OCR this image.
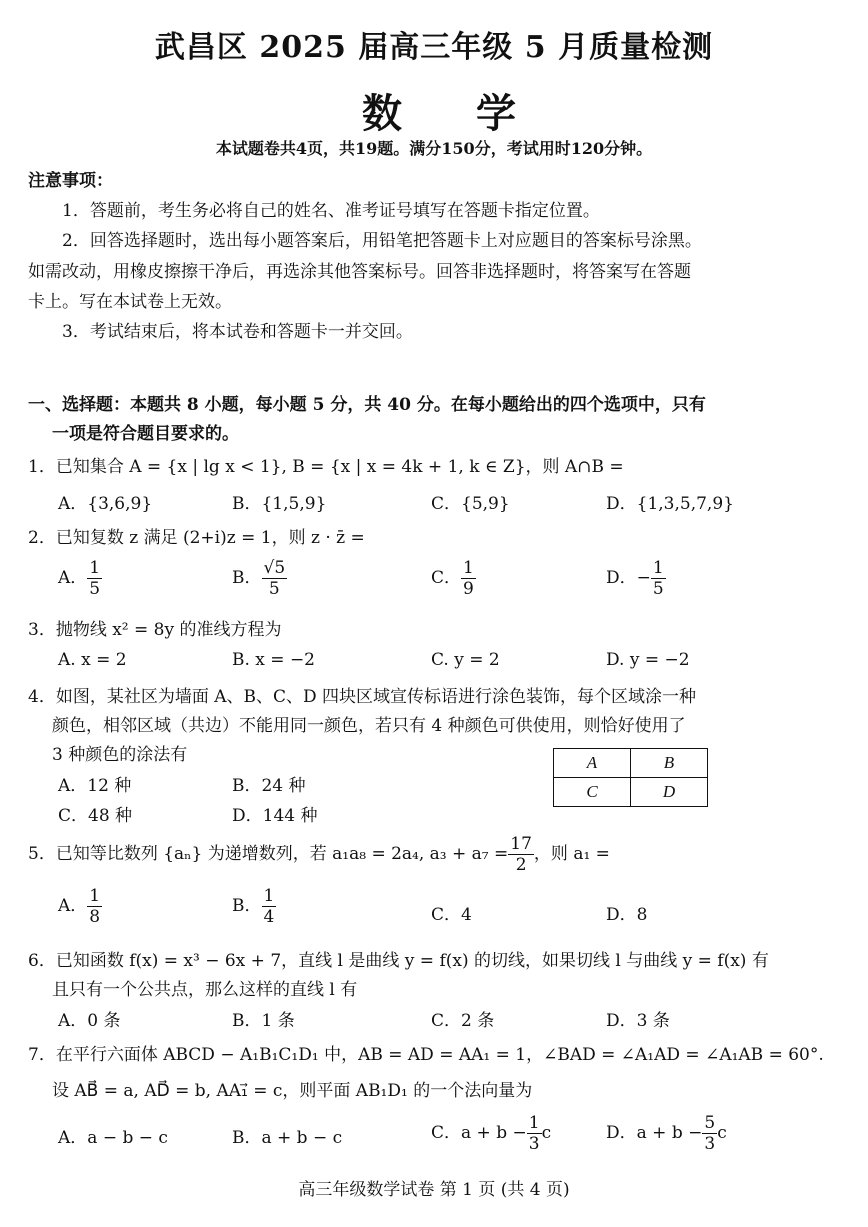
武昌区 2025 届高三年级 5 月质量检测
数 学
本试题卷共4页，共19题。满分150分，考试用时120分钟。
注意事项：
1．答题前，考生务必将自己的姓名、准考证号填写在答题卡指定位置。
2．回答选择题时，选出每小题答案后，用铅笔把答题卡上对应题目的答案标号涂黑。
如需改动，用橡皮擦擦干净后，再选涂其他答案标号。回答非选择题时，将答案写在答题
卡上。写在本试卷上无效。
3．考试结束后，将本试卷和答题卡一并交回。
一、选择题：本题共 8 小题，每小题 5 分，共 40 分。在每小题给出的四个选项中，只有
一项是符合题目要求的。
1．已知集合 A = {x | lg x < 1}, B = {x | x = 4k + 1, k ∈ Z}，则 A∩B =
A．{3,6,9}	B．{1,5,9}	C．{5,9}	D．{1,3,5,7,9}
2．已知复数 z 满足 (2+i)z = 1，则 z · z̄ =
A． $\frac{1}{5}$	B． $\frac{√5}{5}$	C． $\frac{1}{9}$	D．− $\frac{1}{5}$
3．抛物线 x² = 8y 的准线方程为
A. x = 2	B. x = −2	C. y = 2	D. y = −2
4．如图，某社区为墙面 A、B、C、D 四块区域宣传标语进行涂色装饰，每个区域涂一种
颜色，相邻区域（共边）不能用同一颜色，若只有 4 种颜色可供使用，则恰好使用了
3 种颜色的涂法有
A．12 种	B．24 种
C．48 种	D．144 种
A	B
C	D
5．已知等比数列 {aₙ} 为递增数列，若 a₁a₈ = 2a₄, $a_3 + a_7 = \frac{17}{2}$ ，则 a₁ =
A． $\frac{1}{8}$	B． $\frac{1}{4}$	C．4	D．8
6．已知函数 f(x) = x³ − 6x + 7，直线 l 是曲线 y = f(x) 的切线，如果切线 l 与曲线 y = f(x) 有
且只有一个公共点，那么这样的直线 l 有
A．0 条	B．1 条	C．2 条	D．3 条
7．在平行六面体 ABCD − A₁B₁C₁D₁ 中，AB = AD = AA₁ = 1，∠BAD = ∠A₁AD = ∠A₁AB = 60°.
设 AB⃗ = a, AD⃗ = b, AA₁⃗ = c，则平面 AB₁D₁ 的一个法向量为
A．a − b − c	B．a + b − c	C．$a + b - \frac{1}{3}$ c	D．$a + b - \frac{5}{3}$ c
高三年级数学试卷 第 1 页 (共 4 页)
